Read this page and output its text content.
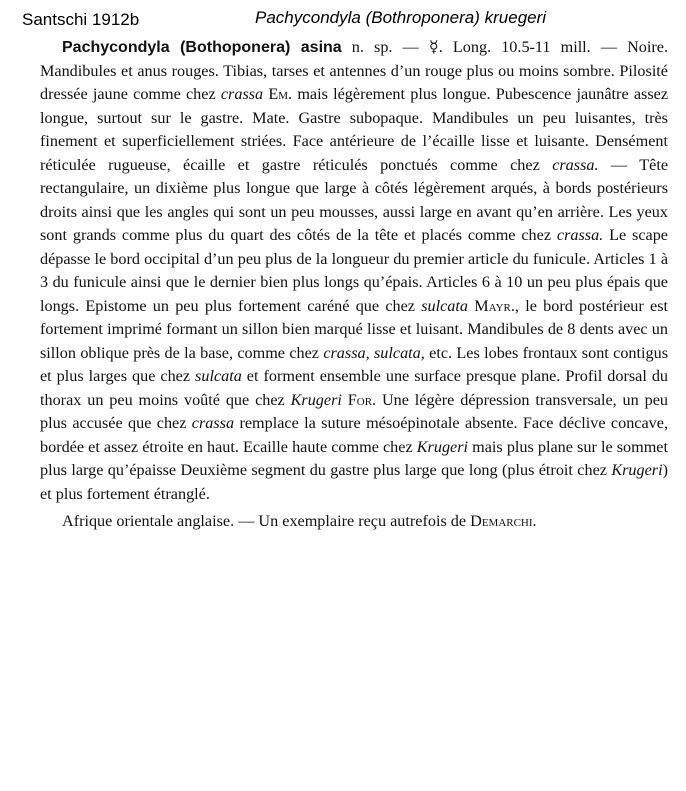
Santschi 1912b	Pachycondyla (Bothroponera) kruegeri

Pachycondyla (Bothoponera) asina n. sp. — ☿. Long. 10.5-11 mill. — Noire. Mandibules et anus rouges. Tibias, tarses et antennes d’un rouge plus ou moins sombre. Pilosité dressée jaune comme chez crassa Em. mais légèrement plus longue. Pubescence jaunâtre assez longue, surtout sur le gastre. Mate. Gastre subopaque. Mandibules un peu luisantes, très finement et superficiellement striées. Face antérieure de l’écaille lisse et luisante. Densément réticulée rugueuse, écaille et gastre réticulés ponctués comme chez crassa. — Tête rectangulaire, un dixième plus longue que large à côtés légèrement arqués, à bords postérieurs droits ainsi que les angles qui sont un peu mousses, aussi large en avant qu’en arrière. Les yeux sont grands comme plus du quart des côtés de la tête et placés comme chez crassa. Le scape dépasse le bord occipital d’un peu plus de la longueur du premier article du funicule. Articles 1 à 3 du funicule ainsi que le dernier bien plus longs qu’épais. Articles 6 à 10 un peu plus épais que longs. Epistome un peu plus fortement caréné que chez sulcata Mayr., le bord postérieur est fortement imprimé formant un sillon bien marqué lisse et luisant. Mandibules de 8 dents avec un sillon oblique près de la base, comme chez crassa, sulcata, etc. Les lobes frontaux sont contigus et plus larges que chez sulcata et forment ensemble une surface presque plane. Profil dorsal du thorax un peu moins voûté que chez Krugeri For. Une légère dépression transversale, un peu plus accusée que chez crassa remplace la suture mésoépinotale absente. Face déclive concave, bordée et assez étroite en haut. Ecaille haute comme chez Krugeri mais plus plane sur le sommet plus large qu’épaisse Deuxième segment du gastre plus large que long (plus étroit chez Krugeri) et plus fortement étranglé.

Afrique orientale anglaise. — Un exemplaire reçu autrefois de Demarchi.
